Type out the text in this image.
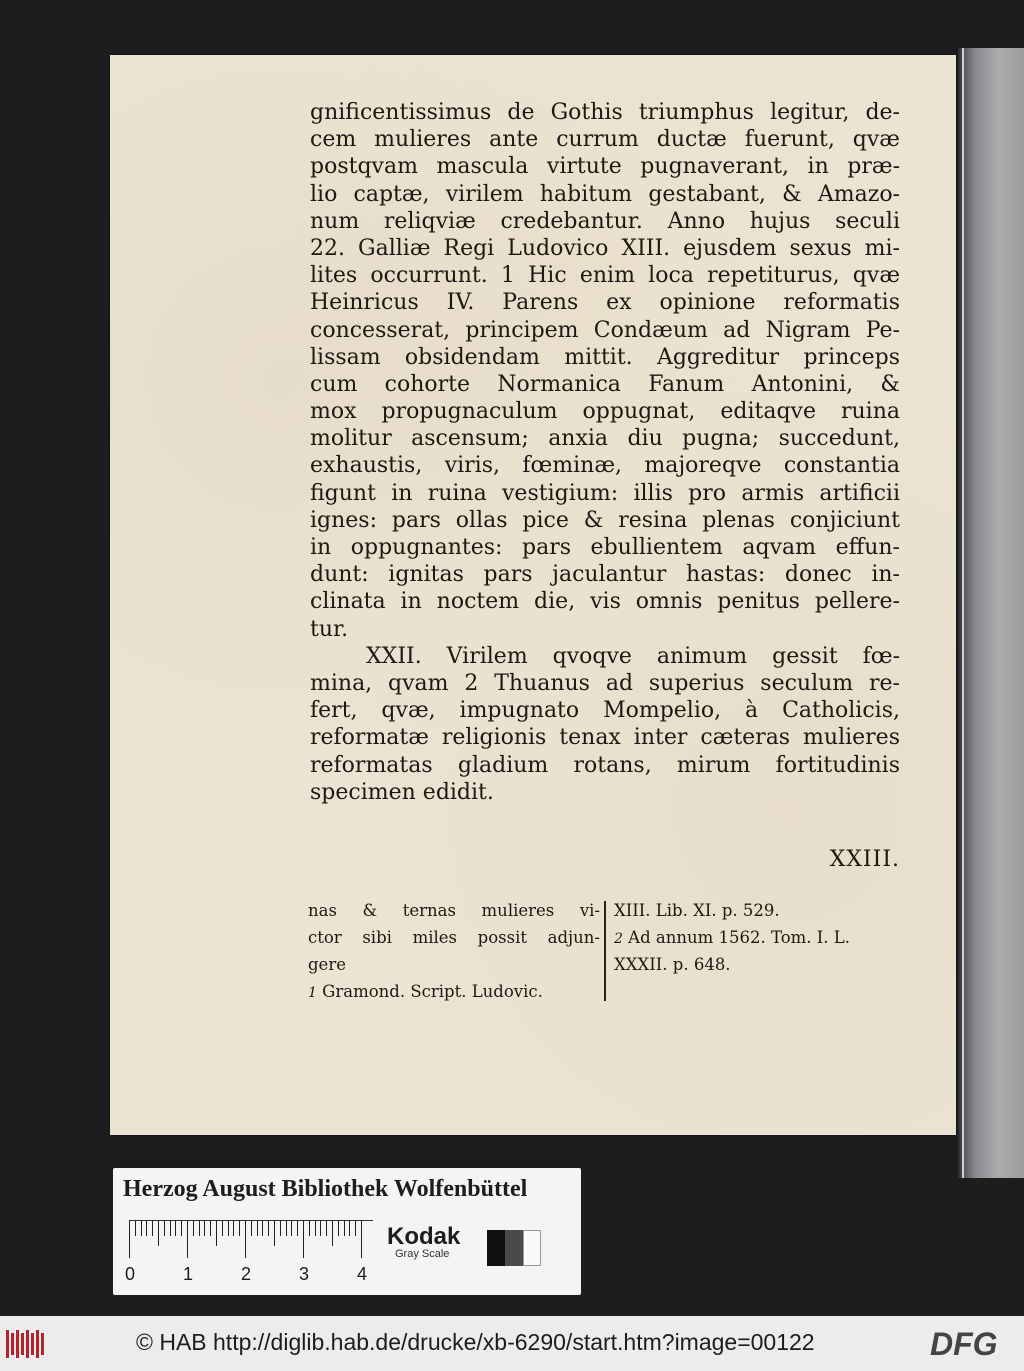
gnificentissimus de Gothis triumphus legitur, de-
cem mulieres ante currum ductæ fuerunt, qvæ
postqvam mascula virtute pugnaverant, in præ-
lio captæ, virilem habitum gestabant, & Amazo-
num reliqviæ credebantur. Anno hujus seculi
22. Galliæ Regi Ludovico XIII. ejusdem sexus mi-
lites occurrunt. 1 Hic enim loca repetiturus, qvæ
Heinricus IV. Parens ex opinione reformatis
concesserat, principem Condæum ad Nigram Pe-
lissam obsidendam mittit. Aggreditur princeps
cum cohorte Normanica Fanum Antonini, &
mox propugnaculum oppugnat, editaqve ruina
molitur ascensum; anxia diu pugna; succedunt,
exhaustis, viris, fœminæ, majoreqve constantia
figunt in ruina vestigium: illis pro armis artificii
ignes: pars ollas pice & resina plenas conjiciunt
in oppugnantes: pars ebullientem aqvam effun-
dunt: ignitas pars jaculantur hastas: donec in-
clinata in noctem die, vis omnis penitus pellere-
tur.
XXII. Virilem qvoqve animum gessit fœ-
mina, qvam 2 Thuanus ad superius seculum re-
fert, qvæ, impugnato Mompelio, à Catholicis,
reformatæ religionis tenax inter cæteras mulieres
reformatas gladium rotans, mirum fortitudinis
specimen edidit.
XXIII.
nas & ternas mulieres vi-
ctor sibi miles possit adjun-
gere
1 Gramond. Script. Ludovic.
XIII. Lib. XI. p. 529.
2 Ad annum 1562. Tom. I. L.
XXXII. p. 648.
Herzog August Bibliothek Wolfenbüttel
0	1	2	3	4
Kodak
Gray Scale
© HAB http://diglib.hab.de/drucke/xb-6290/start.htm?image=00122	DFG
